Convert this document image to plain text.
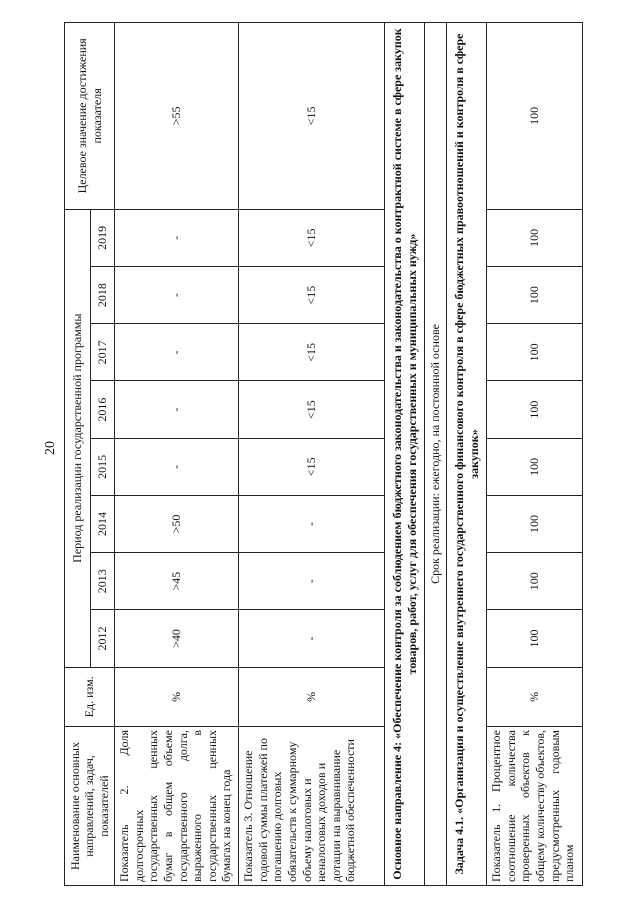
20
Наименование основных направлений, задач, показателей	Ед. изм.	Период реализации государственной программы								Целевое значение достижения показателя
		2012	2013	2014	2015	2016	2017	2018	2019	
Показатель 2. Доля долгосрочных государственных ценных бумаг в общем объеме государственного долга, выраженного в государственных ценных бумагах на конец года	%	>40	>45	>50	-	-	-	-	-	>55
Показатель 3. Отношение годовой суммы платежей по погашению долговых обязательств к суммарному объему налоговых и неналоговых доходов и дотации на выравнивание бюджетной обеспеченности	%	-	-	-	<15	<15	<15	<15	<15	<15
Основное направление 4: «Обеспечение контроля за соблюдением бюджетного законодательства и законодательства о контрактной системе в сфере закупок товаров, работ, услуг для обеспечения государственных и муниципальных нужд»										
Срок реализации: ежегодно, на постоянной основе										
Задача 4.1. «Организация и осуществление внутреннего государственного финансового контроля в сфере бюджетных правоотношений и контроля в сфере закупок»										
Показатель 1. Процентное соотношение количества проверенных объектов к общему количеству объектов, предусмотренных годовым планом	%	100	100	100	100	100	100	100	100	100
